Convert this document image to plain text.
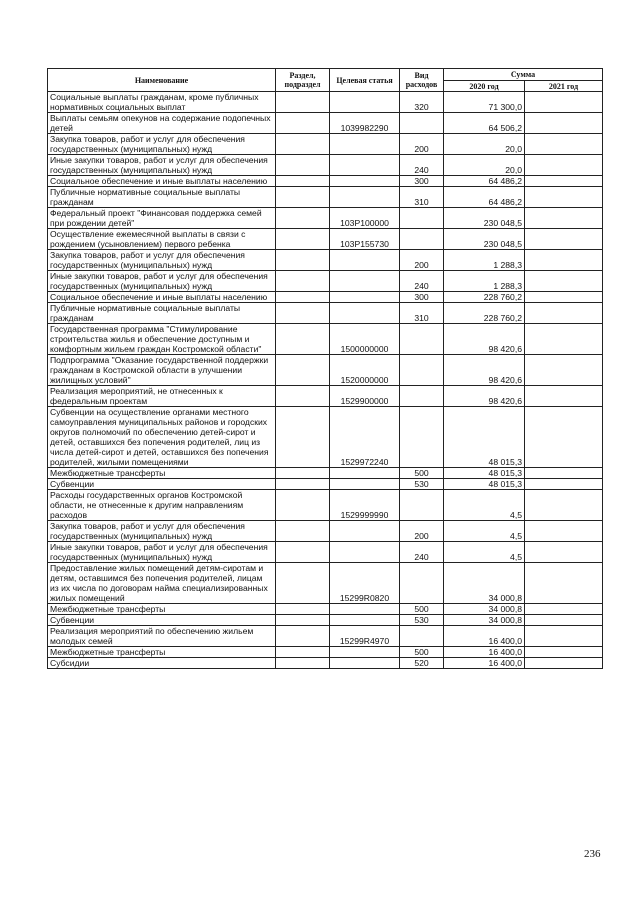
Наименование	Раздел, подраздел	Целевая статья	Вид расходов	Сумма	
				2020 год	2021 год
Социальные выплаты гражданам, кроме публичных нормативных социальных выплат			320	71 300,0	
Выплаты семьям опекунов на содержание подопечных детей		1039982290		64 506,2	
Закупка товаров, работ и услуг для обеспечения государственных (муниципальных) нужд			200	20,0	
Иные закупки товаров, работ и услуг для обеспечения государственных (муниципальных) нужд			240	20,0	
Социальное обеспечение и иные выплаты населению			300	64 486,2	
Публичные нормативные социальные выплаты гражданам			310	64 486,2	
Федеральный проект "Финансовая поддержка семей при рождении детей"		103P100000		230 048,5	
Осуществление ежемесячной выплаты в связи с рождением (усыновлением) первого ребенка		103P155730		230 048,5	
Закупка товаров, работ и услуг для обеспечения государственных (муниципальных) нужд			200	1 288,3	
Иные закупки товаров, работ и услуг для обеспечения государственных (муниципальных) нужд			240	1 288,3	
Социальное обеспечение и иные выплаты населению			300	228 760,2	
Публичные нормативные социальные выплаты гражданам			310	228 760,2	
Государственная программа "Стимулирование строительства жилья и обеспечение доступным и комфортным жильем граждан Костромской области"		1500000000		98 420,6	
Подпрограмма "Оказание государственной поддержки гражданам в Костромской области в улучшении жилищных условий"		1520000000		98 420,6	
Реализация мероприятий, не отнесенных к федеральным проектам		1529900000		98 420,6	
Субвенции на осуществление органами местного самоуправления муниципальных районов и городских округов полномочий по обеспечению детей-сирот и детей, оставшихся без попечения родителей, лиц из числа детей-сирот и детей, оставшихся без попечения родителей, жилыми помещениями		1529972240		48 015,3	
Межбюджетные трансферты			500	48 015,3	
Субвенции			530	48 015,3	
Расходы государственных органов Костромской области, не отнесенные к другим направлениям расходов		1529999990		4,5	
Закупка товаров, работ и услуг для обеспечения государственных (муниципальных) нужд			200	4,5	
Иные закупки товаров, работ и услуг для обеспечения государственных (муниципальных) нужд			240	4,5	
Предоставление жилых помещений детям-сиротам и детям, оставшимся без попечения родителей, лицам из их числа по договорам найма специализированных жилых помещений		15299R0820		34 000,8	
Межбюджетные трансферты			500	34 000,8	
Субвенции			530	34 000,8	
Реализация мероприятий по обеспечению жильем молодых семей		15299R4970		16 400,0	
Межбюджетные трансферты			500	16 400,0	
Субсидии			520	16 400,0	
236
